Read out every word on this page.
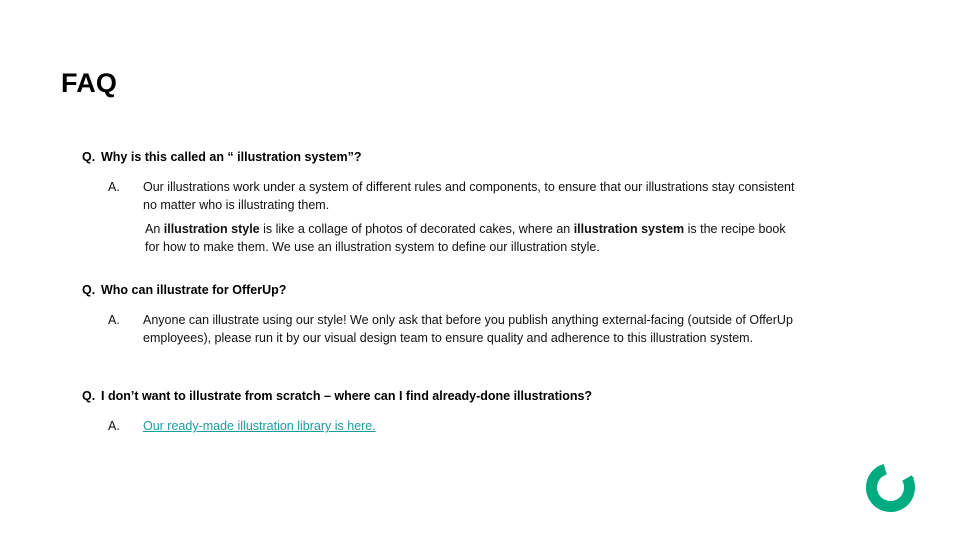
FAQ
Q. Why is this called an “ illustration system”?
A. Our illustrations work under a system of different rules and components, to ensure that our illustrations stay consistent no matter who is illustrating them.
An illustration style is like a collage of photos of decorated cakes, where an illustration system is the recipe book for how to make them. We use an illustration system to define our illustration style.
Q. Who can illustrate for OfferUp?
A. Anyone can illustrate using our style! We only ask that before you publish anything external-facing (outside of OfferUp employees), please run it by our visual design team to ensure quality and adherence to this illustration system.
Q. I don’t want to illustrate from scratch – where can I find already-done illustrations?
A. Our ready-made illustration library is here.
